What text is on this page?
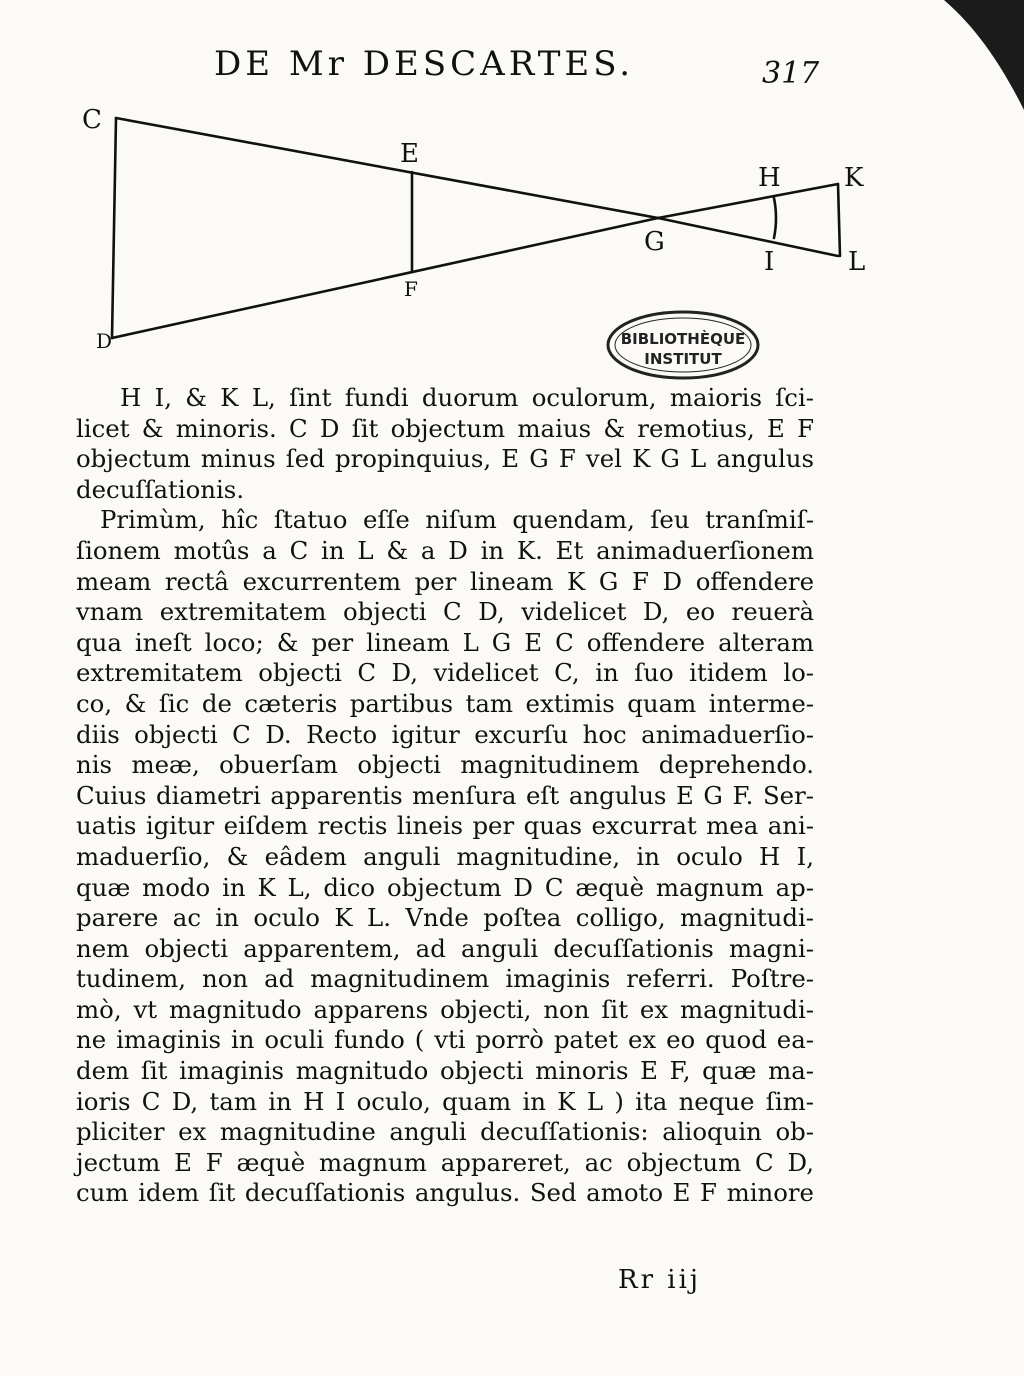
DE Mr DESCARTES.	317
C
D
E
F
G
H
I
K
L
BIBLIOTHÈQUE
INSTITUT
H I, & K L, ſint fundi duorum oculorum, maioris ſci-
licet & minoris. C D ſit objectum maius & remotius, E F
objectum minus ſed propinquius, E G F vel K G L angulus
decuſſationis.
Primùm, hîc ſtatuo eſſe niſum quendam, ſeu tranſmiſ-
ſionem motûs a C in L & a D in K. Et animaduerſionem
meam rectâ excurrentem per lineam K G F D offendere
vnam extremitatem objecti C D, videlicet D, eo reuerà
qua ineſt loco; & per lineam L G E C offendere alteram
extremitatem objecti C D, videlicet C, in ſuo itidem lo-
co, & ſic de cæteris partibus tam extimis quam interme-
diis objecti C D. Recto igitur excurſu hoc animaduerſio-
nis meæ, obuerſam objecti magnitudinem deprehendo.
Cuius diametri apparentis menſura eſt angulus E G F. Ser-
uatis igitur eiſdem rectis lineis per quas excurrat mea ani-
maduerſio, & eâdem anguli magnitudine, in oculo H I,
quæ modo in K L, dico objectum D C æquè magnum ap-
parere ac in oculo K L. Vnde poſtea colligo, magnitudi-
nem objecti apparentem, ad anguli decuſſationis magni-
tudinem, non ad magnitudinem imaginis referri. Poſtre-
mò, vt magnitudo apparens objecti, non ſit ex magnitudi-
ne imaginis in oculi fundo ( vti porrò patet ex eo quod ea-
dem ſit imaginis magnitudo objecti minoris E F, quæ ma-
ioris C D, tam in H I oculo, quam in K L ) ita neque ſim-
pliciter ex magnitudine anguli decuſſationis: alioquin ob-
jectum E F æquè magnum appareret, ac objectum C D,
cum idem ſit decuſſationis angulus. Sed amoto E F minore
Rr iij
